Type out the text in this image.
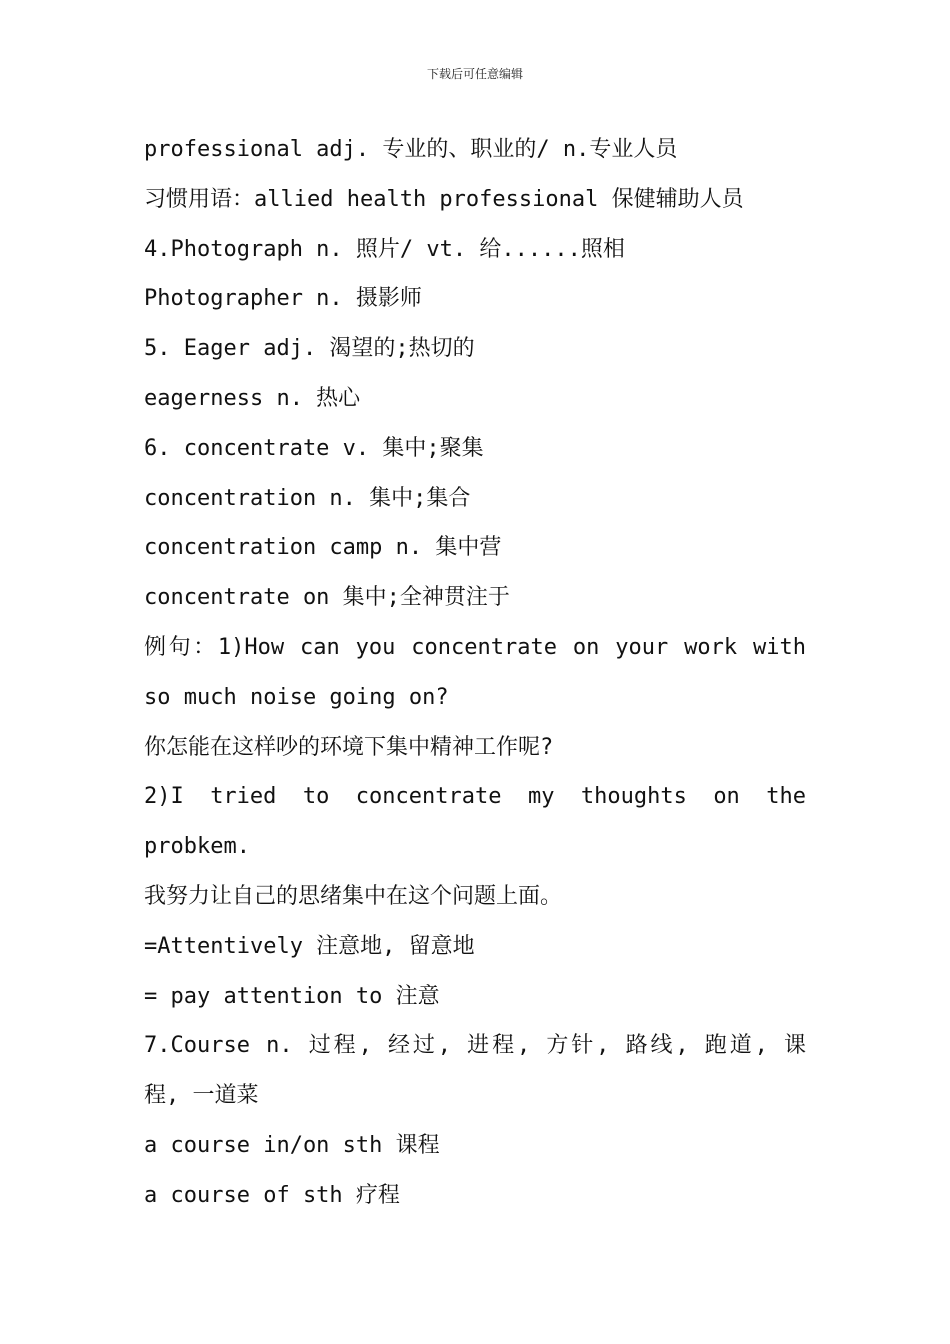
下载后可任意编辑
professional adj. 专业的、职业的/ n.专业人员
习惯用语：allied health professional 保健辅助人员
4.Photograph n. 照片/ vt. 给......照相
Photographer n. 摄影师
5. Eager adj. 渴望的;热切的
eagerness n. 热心
6. concentrate v. 集中;聚集
concentration n. 集中;集合
concentration camp n. 集中营
concentrate on 集中;全神贯注于
例句：1)How can you concentrate on your work with
so much noise going on?
你怎能在这样吵的环境下集中精神工作呢?
2)I tried to concentrate my thoughts on the
probkem.
我努力让自己的思绪集中在这个问题上面。
=Attentively 注意地, 留意地
= pay attention to 注意
7.Course n. 过程, 经过, 进程, 方针, 路线, 跑道, 课
程, 一道菜
a course in/on sth 课程
a course of sth 疗程
